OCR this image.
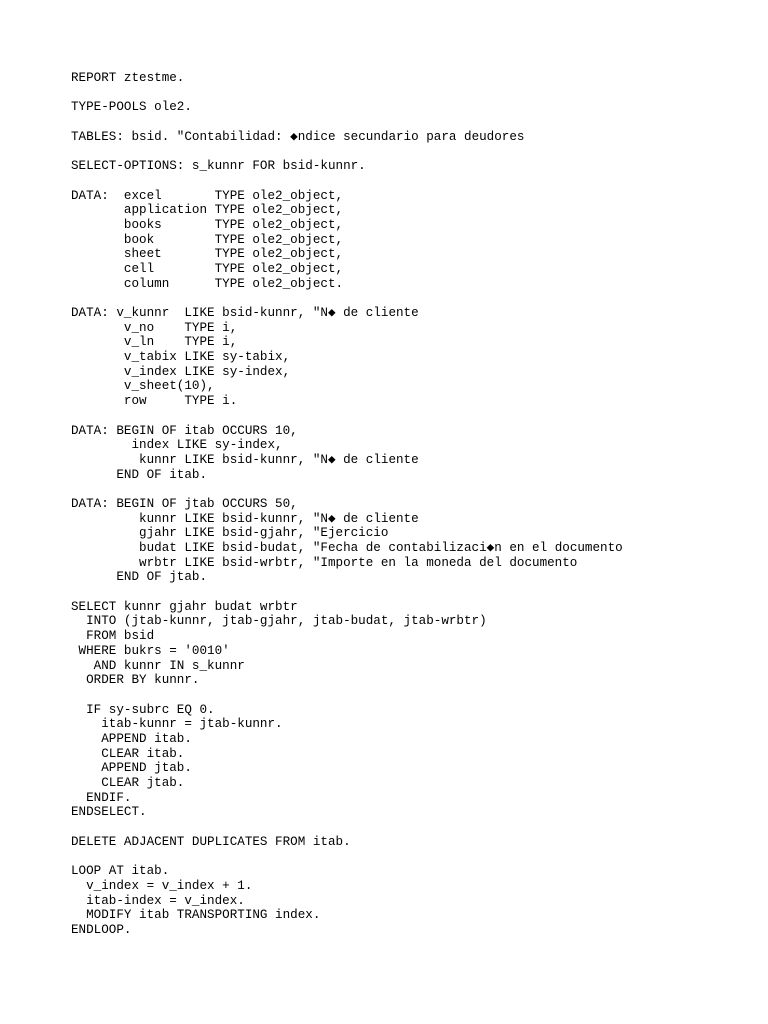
REPORT ztestme.
TYPE-POOLS ole2.
TABLES: bsid. "Contabilidad: ◆ndice secundario para deudores
SELECT-OPTIONS: s_kunnr FOR bsid-kunnr.
DATA:  excel       TYPE ole2_object,
application TYPE ole2_object,
books       TYPE ole2_object,
book        TYPE ole2_object,
sheet       TYPE ole2_object,
cell        TYPE ole2_object,
column      TYPE ole2_object.
DATA: v_kunnr  LIKE bsid-kunnr, "N◆ de cliente
v_no    TYPE i,
v_ln    TYPE i,
v_tabix LIKE sy-tabix,
v_index LIKE sy-index,
v_sheet(10),
row     TYPE i.
DATA: BEGIN OF itab OCCURS 10,
index LIKE sy-index,
kunnr LIKE bsid-kunnr, "N◆ de cliente
END OF itab.
DATA: BEGIN OF jtab OCCURS 50,
kunnr LIKE bsid-kunnr, "N◆ de cliente
gjahr LIKE bsid-gjahr, "Ejercicio
budat LIKE bsid-budat, "Fecha de contabilizaci◆n en el documento
wrbtr LIKE bsid-wrbtr, "Importe en la moneda del documento
END OF jtab.
SELECT kunnr gjahr budat wrbtr
INTO (jtab-kunnr, jtab-gjahr, jtab-budat, jtab-wrbtr)
FROM bsid
WHERE bukrs = '0010'
AND kunnr IN s_kunnr
ORDER BY kunnr.
IF sy-subrc EQ 0.
itab-kunnr = jtab-kunnr.
APPEND itab.
CLEAR itab.
APPEND jtab.
CLEAR jtab.
ENDIF.
ENDSELECT.
DELETE ADJACENT DUPLICATES FROM itab.
LOOP AT itab.
v_index = v_index + 1.
itab-index = v_index.
MODIFY itab TRANSPORTING index.
ENDLOOP.
